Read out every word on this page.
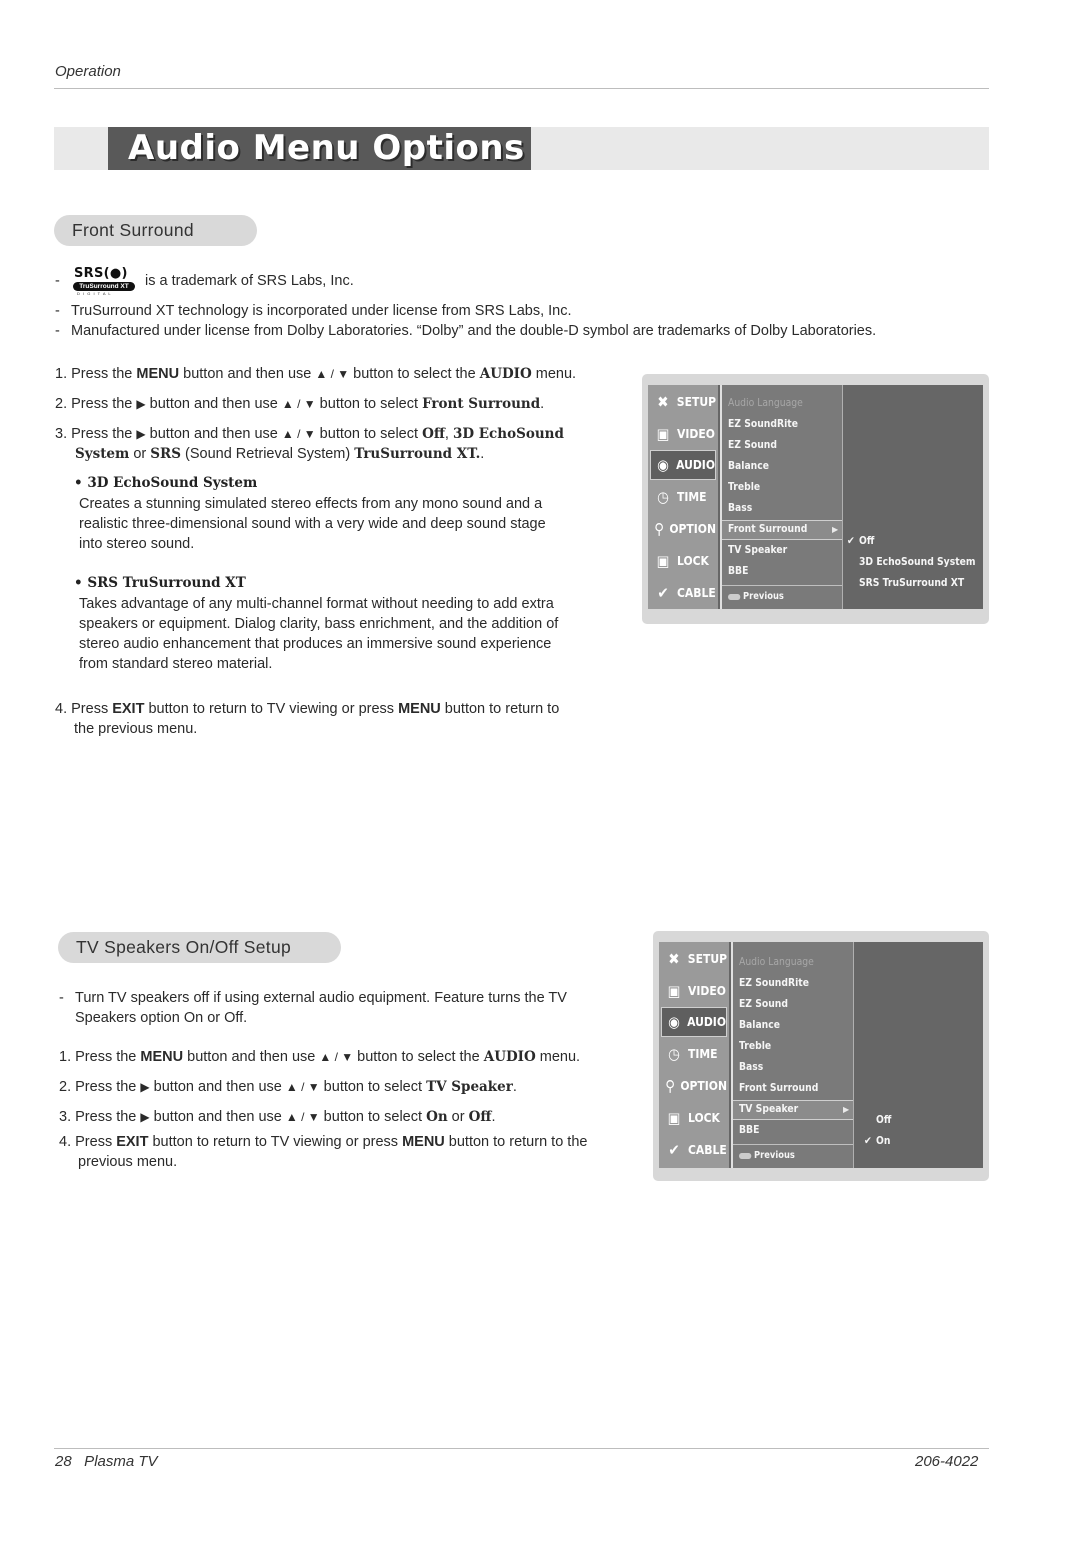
Operation
Audio Menu Options
Front Surround
- SRS(●)
TruSurround XT
D I G I T A L
is a trademark of SRS Labs, Inc.
- TruSurround XT technology is incorporated under license from SRS Labs, Inc.
- Manufactured under license from Dolby Laboratories. “Dolby” and the double-D symbol are trademarks of Dolby Laboratories.
1. Press the MENU button and then use ▲ / ▼ button to select the AUDIO menu.
2. Press the ▶ button and then use ▲ / ▼ button to select Front Surround.
3. Press the ▶ button and then use ▲ / ▼ button to select Off, 3D EchoSound
System or SRS (Sound Retrieval System) TruSurround XT..
• 3D EchoSound System
Creates a stunning simulated stereo effects from any mono sound and a
realistic three-dimensional sound with a very wide and deep sound stage
into stereo sound.
• SRS TruSurround XT
Takes advantage of any multi-channel format without needing to add extra
speakers or equipment. Dialog clarity, bass enrichment, and the addition of
stereo audio enhancement that produces an immersive sound experience
from standard stereo material.
4. Press EXIT button to return to TV viewing or press MENU button to return to
the previous menu.
✖ SETUP
▣ VIDEO
◉ AUDIO
◷ TIME
⚲ OPTION
▣ LOCK
✔ CABLE
Audio Language
EZ SoundRite
EZ Sound
Balance
Treble
Bass
Front Surround	▶
TV Speaker
BBE
Previous
✔ Off
3D EchoSound System
SRS TruSurround XT
TV Speakers On/Off Setup
- Turn TV speakers off if using external audio equipment. Feature turns the TV
Speakers option On or Off.
1. Press the MENU button and then use ▲ / ▼ button to select the AUDIO menu.
2. Press the ▶ button and then use ▲ / ▼ button to select TV Speaker.
3. Press the ▶ button and then use ▲ / ▼ button to select On or Off.
4. Press EXIT button to return to TV viewing or press MENU button to return to the
previous menu.
✖ SETUP
▣ VIDEO
◉ AUDIO
◷ TIME
⚲ OPTION
▣ LOCK
✔ CABLE
Audio Language
EZ SoundRite
EZ Sound
Balance
Treble
Bass
Front Surround
TV Speaker	▶
BBE
Previous
Off
✔ On
28   Plasma TV	206-4022
